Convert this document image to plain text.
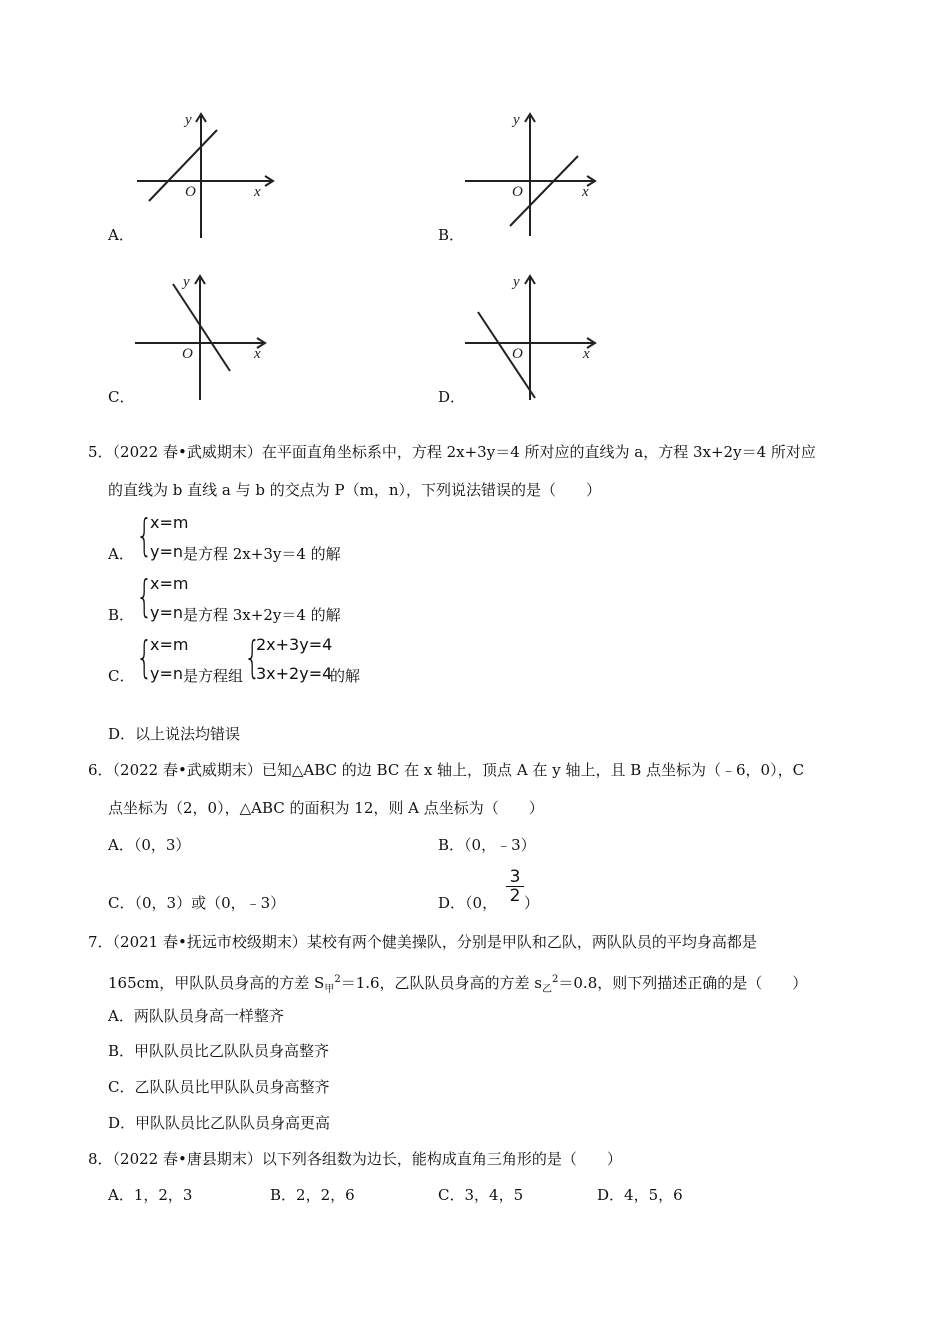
A．
y
O	x
B．
y
O	x
C．
y
O	x
D．
y
O	x
5．（2022 春•武威期末）在平面直角坐标系中，方程 2x+3y＝4 所对应的直线为 a，方程 3x+2y＝4 所对应
的直线为 b 直线 a 与 b 的交点为 P（m，n），下列说法错误的是（　　）
A． {
x=m
y=n 是方程 2x+3y＝4 的解
B． {
x=m
y=n 是方程 3x+2y＝4 的解
C． {
x=m
y=n 是方程组 {
2x+3y=4
3x+2y=4
的解
D．以上说法均错误
6．（2022 春•武威期末）已知△ABC 的边 BC 在 x 轴上，顶点 A 在 y 轴上，且 B 点坐标为（﹣6，0），C
点坐标为（2，0），△ABC 的面积为 12，则 A 点坐标为（　　）
A．（0，3）	B．（0，﹣3）
C．（0，3）或（0，﹣3）	D．（0， $\frac{3}{2}$ ）
7．（2021 春•抚远市校级期末）某校有两个健美操队，分别是甲队和乙队，两队队员的平均身高都是
165cm，甲队队员身高的方差 $S_甲^2=1.6$，乙队队员身高的方差 $s_乙^2=0.8$，则下列描述正确的是（　　）
A．两队队员身高一样整齐
B．甲队队员比乙队队员身高整齐
C．乙队队员比甲队队员身高整齐
D．甲队队员比乙队队员身高更高
8．（2022 春•唐县期末）以下列各组数为边长，能构成直角三角形的是（　　）
A．1，2，3	B．2，2，6	C．3，4，5	D．4，5，6
